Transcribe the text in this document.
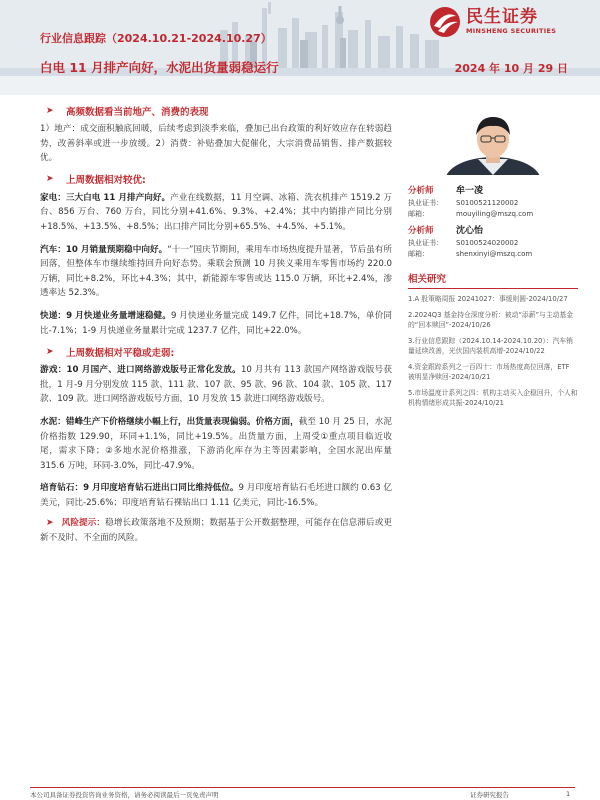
行业信息跟踪（2024.10.21-2024.10.27）
白电 11 月排产向好，水泥出货量弱稳运行	2024 年 10 月 29 日
民生证券
MINSHENG SECURITIES
➤	高频数据看当前地产、消费的表现

1）地产：成交面积触底回暖，后续考虑到淡季来临，叠加已出台政策的利好效应存在转弱趋势，改善斜率或进一步放缓。2）消费：补贴叠加大促催化，大宗消费品销售、排产数据较优。

➤	上周数据相对较优:

家电：三大白电 11 月排产向好。产业在线数据，11 月空调、冰箱、洗衣机排产 1519.2 万台、856 万台、760 万台，同比分别+41.6%、9.3%、+2.4%；其中内销排产同比分别+18.5%、+13.5%、+8.5%；出口排产同比分别+65.5%、+4.5%、+5.1%。

汽车：10 月销量预期稳中向好。“十一”国庆节期间，乘用车市场热度提升显著，节后虽有所回落，但整体车市继续维持回升向好态势。乘联会预测 10 月狭义乘用车零售市场约 220.0 万辆，同比+8.2%，环比+4.3%；其中，新能源车零售或达 115.0 万辆，环比+2.4%，渗透率达 52.3%。

快递：9 月快递业务量增速稳健。9 月快递业务量完成 149.7 亿件，同比+18.7%，单价同比-7.1%；1-9 月快递业务量累计完成 1237.7 亿件，同比+22.0%。

➤	上周数据相对平稳或走弱:

游戏：10 月国产、进口网络游戏版号正常化发放。10 月共有 113 款国产网络游戏版号获批，1 月-9 月分别发放 115 款、111 款、107 款、95 款、96 款、104 款、105 款、117 款、109 款。进口网络游戏版号方面，10 月发放 15 款进口网络游戏版号。

水泥：错峰生产下价格继续小幅上行，出货量表现偏弱。价格方面，截至 10 月 25 日，水泥价格指数 129.90，环同+1.1%，同比+19.5%。出货量方面，上周受①重点项目临近收尾，需求下降；②多地水泥价格推涨，下游消化库存为主等因素影响，全国水泥出库量 315.6 万吨，环同-3.0%，同比-47.9%。

培育钻石：9 月印度培育钻石进出口同比维持低位。9 月印度培育钻石毛坯进口额约 0.63 亿美元，同比-25.6%；印度培育钻石裸钻出口 1.11 亿美元，同比-16.5%。

➤ 风险提示：稳增长政策落地不及预期；数据基于公开数据整理，可能存在信息滞后或更新不及时、不全面的风险。

分析师	牟一凌
执业证书：	S0100521120002
邮箱：	mouyiling@mszq.com
分析师	沈心怡
执业证书：	S0100524020002
邮箱：	shenxinyi@mszq.com
相关研究
1.A 股策略周报 20241027：事缓则圆-2024/10/27
2.2024Q3 基金持仓深度分析：被动“添薪”与主动基金的“回本赎回”-2024/10/26
3.行业信息跟踪（2024.10.14-2024.10.20）：汽车销量延续改善，光伏国内装机高增-2024/10/22
4.资金跟踪系列之一百四十：市场热度高位回落，ETF 被明显净赎回-2024/10/21
5.市场温度计系列之四：机构主动买入企稳回升，个人和机构情绪形成共振-2024/10/21
本公司具备证券投资咨询业务资格，请务必阅读最后一页免责声明	证券研究报告	1
